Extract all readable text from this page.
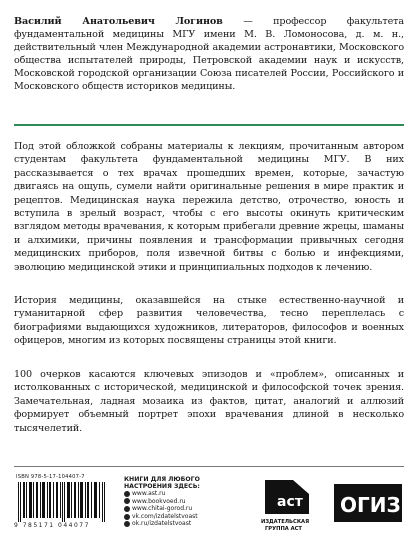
Василий Анатольевич Логинов — профессор факультета фундаментальной медицины МГУ имени М. В. Ломоносова, д. м. н., действительный член Международной академии астронавтики, Московского общества испытателей природы, Петровской академии наук и искусств, Московской городской организации Союза писателей России, Российского и Московского обществ историков медицины.
Под этой обложкой собраны материалы к лекциям, прочитанным автором студентам факультета фундаментальной медицины МГУ. В них рассказывается о тех врачах прошедших времен, которые, зачастую двигаясь на ощупь, сумели найти оригинальные решения в мире практик и рецептов. Медицинская наука пережила детство, отрочество, юность и вступила в зрелый возраст, чтобы с его высоты окинуть критическим взглядом методы врачевания, к которым прибегали древние жрецы, шаманы и алхимики, причины появления и трансформации привычных сегодня медицинских приборов, поля извечной битвы с болью и инфекциями, эволюцию медицинской этики и принципиальных подходов к лечению.
История медицины, оказавшейся на стыке естественно-научной и гуманитарной сфер развития человечества, тесно переплелась с биографиями выдающихся художников, литераторов, философов и военных офицеров, многим из которых посвящены страницы этой книги.
100 очерков касаются ключевых эпизодов и «проблем», описанных и истолкованных с исторической, медицинской и философской точек зрения. Замечательная, ладная мозаика из фактов, цитат, аналогий и аллюзий формирует объемный портрет эпохи врачевания длиной в несколько тысячелетий.
ISBN 978-5-17-104407-7
9 785171 044077
КНИГИ ДЛЯ ЛЮБОГО
НАСТРОЕНИЯ ЗДЕСЬ:
www.ast.ru
www.bookvoed.ru
www.chitai-gorod.ru
vk.com/izdatelstvoast
ok.ru/izdatelstvoast
аст
ИЗДАТЕЛЬСКАЯ
ГРУППА АСТ
ОГИЗ
